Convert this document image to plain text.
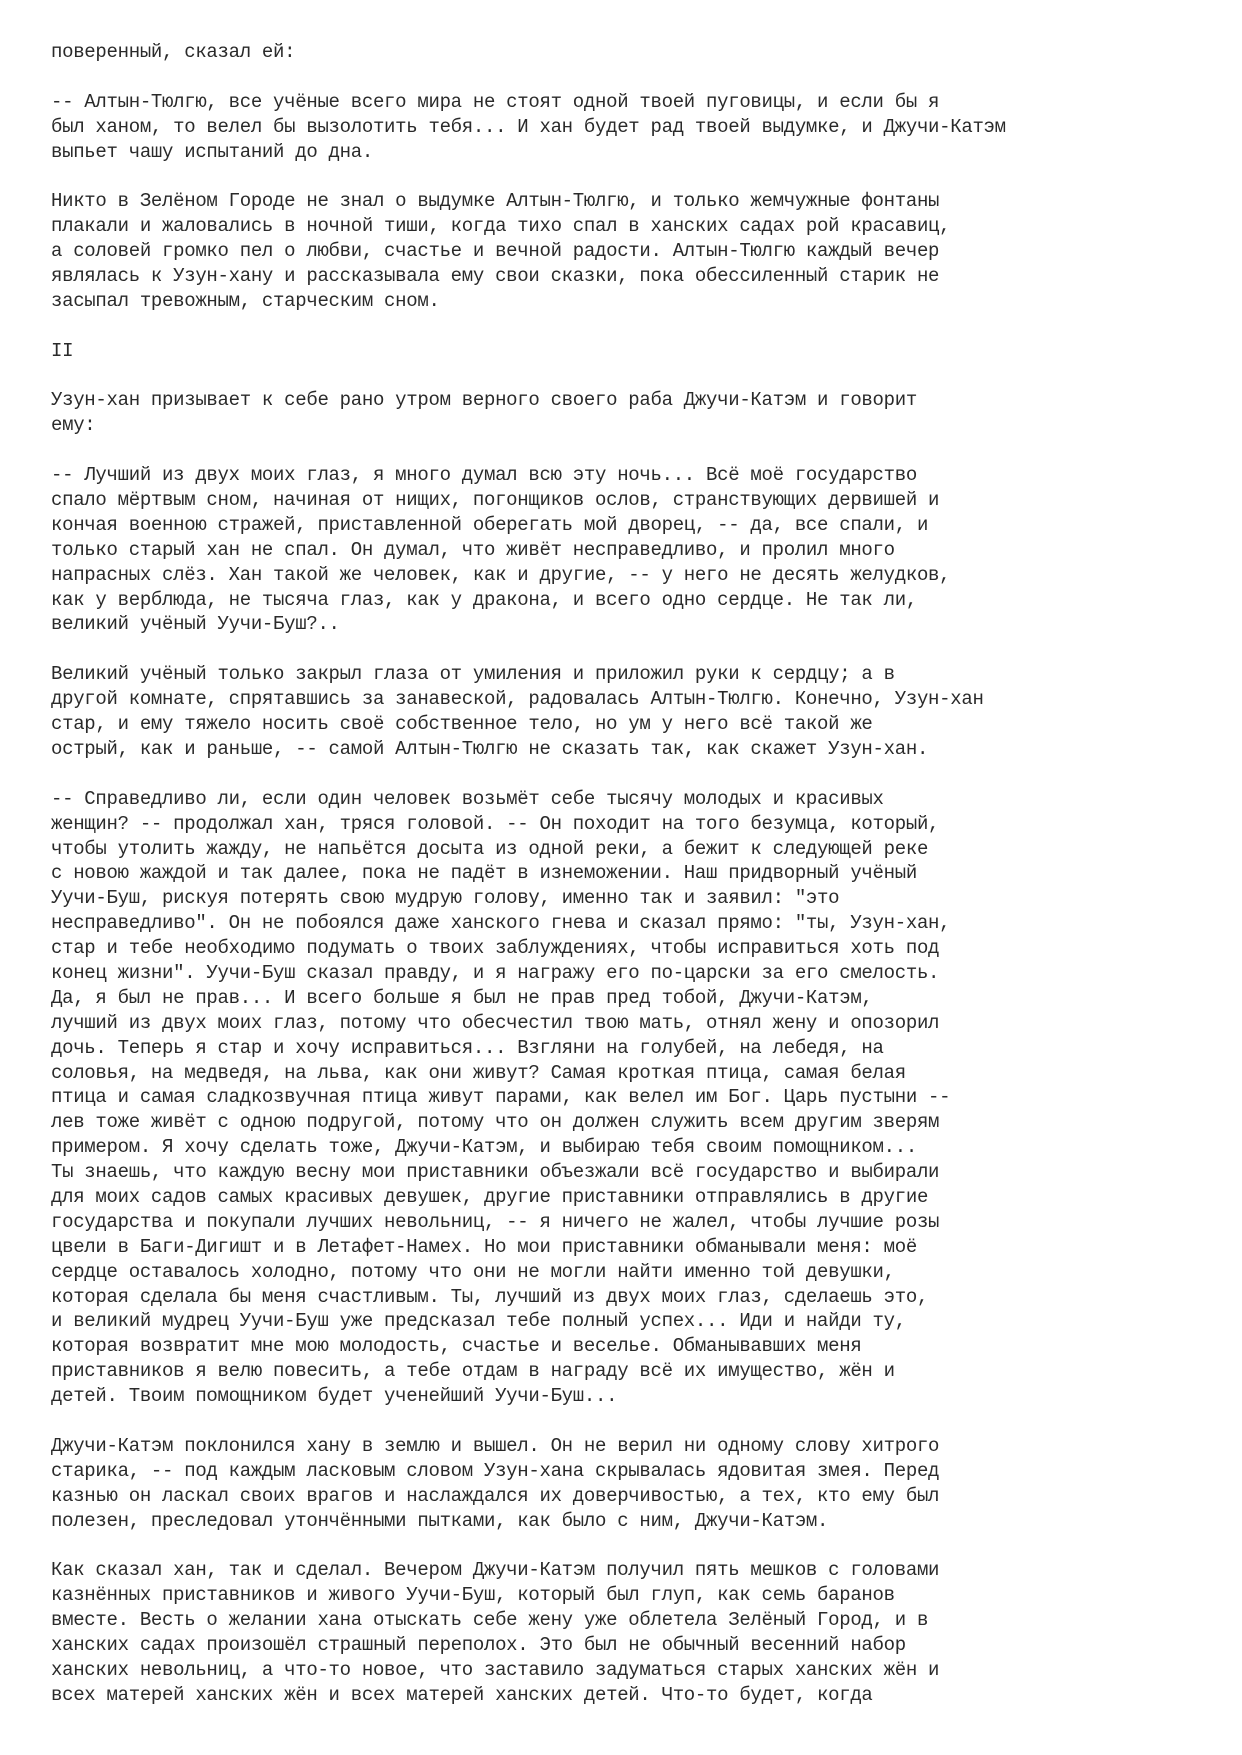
поверенный, сказал ей:
-- Алтын-Тюлгю, все учёные всего мира не стоят одной твоей пуговицы, и если бы я
был ханом, то велел бы вызолотить тебя... И хан будет рад твоей выдумке, и Джучи-Катэм
выпьет чашу испытаний до дна.
Никто в Зелёном Городе не знал о выдумке Алтын-Тюлгю, и только жемчужные фонтаны
плакали и жаловались в ночной тиши, когда тихо спал в ханских садах рой красавиц,
а соловей громко пел о любви, счастье и вечной радости. Алтын-Тюлгю каждый вечер
являлась к Узун-хану и рассказывала ему свои сказки, пока обессиленный старик не
засыпал тревожным, старческим сном.
II
Узун-хан призывает к себе рано утром верного своего раба Джучи-Катэм и говорит
ему:
-- Лучший из двух моих глаз, я много думал всю эту ночь... Всё моё государство
спало мёртвым сном, начиная от нищих, погонщиков ослов, странствующих дервишей и
кончая военною стражей, приставленной оберегать мой дворец, -- да, все спали, и
только старый хан не спал. Он думал, что живёт несправедливо, и пролил много
напрасных слёз. Хан такой же человек, как и другие, -- у него не десять желудков,
как у верблюда, не тысяча глаз, как у дракона, и всего одно сердце. Не так ли,
великий учёный Уучи-Буш?..
Великий учёный только закрыл глаза от умиления и приложил руки к сердцу; а в
другой комнате, спрятавшись за занавеской, радовалась Алтын-Тюлгю. Конечно, Узун-хан
стар, и ему тяжело носить своё собственное тело, но ум у него всё такой же
острый, как и раньше, -- самой Алтын-Тюлгю не сказать так, как скажет Узун-хан.
-- Справедливо ли, если один человек возьмёт себе тысячу молодых и красивых
женщин? -- продолжал хан, тряся головой. -- Он походит на того безумца, который,
чтобы утолить жажду, не напьётся досыта из одной реки, а бежит к следующей реке
с новою жаждой и так далее, пока не падёт в изнеможении. Наш придворный учёный
Уучи-Буш, рискуя потерять свою мудрую голову, именно так и заявил: "это
несправедливо". Он не побоялся даже ханского гнева и сказал прямо: "ты, Узун-хан,
стар и тебе необходимо подумать о твоих заблуждениях, чтобы исправиться хоть под
конец жизни". Уучи-Буш сказал правду, и я награжу его по-царски за его смелость.
Да, я был не прав... И всего больше я был не прав пред тобой, Джучи-Катэм,
лучший из двух моих глаз, потому что обесчестил твою мать, отнял жену и опозорил
дочь. Теперь я стар и хочу исправиться... Взгляни на голубей, на лебедя, на
соловья, на медведя, на льва, как они живут? Самая кроткая птица, самая белая
птица и самая сладкозвучная птица живут парами, как велел им Бог. Царь пустыни --
лев тоже живёт с одною подругой, потому что он должен служить всем другим зверям
примером. Я хочу сделать тоже, Джучи-Катэм, и выбираю тебя своим помощником...
Ты знаешь, что каждую весну мои приставники объезжали всё государство и выбирали
для моих садов самых красивых девушек, другие приставники отправлялись в другие
государства и покупали лучших невольниц, -- я ничего не жалел, чтобы лучшие розы
цвели в Баги-Дигишт и в Летафет-Намех. Но мои приставники обманывали меня: моё
сердце оставалось холодно, потому что они не могли найти именно той девушки,
которая сделала бы меня счастливым. Ты, лучший из двух моих глаз, сделаешь это,
и великий мудрец Уучи-Буш уже предсказал тебе полный успех... Иди и найди ту,
которая возвратит мне мою молодость, счастье и веселье. Обманывавших меня
приставников я велю повесить, а тебе отдам в награду всё их имущество, жён и
детей. Твоим помощником будет ученейший Уучи-Буш...
Джучи-Катэм поклонился хану в землю и вышел. Он не верил ни одному слову хитрого
старика, -- под каждым ласковым словом Узун-хана скрывалась ядовитая змея. Перед
казнью он ласкал своих врагов и наслаждался их доверчивостью, а тех, кто ему был
полезен, преследовал утончёнными пытками, как было с ним, Джучи-Катэм.
Как сказал хан, так и сделал. Вечером Джучи-Катэм получил пять мешков с головами
казнённых приставников и живого Уучи-Буш, который был глуп, как семь баранов
вместе. Весть о желании хана отыскать себе жену уже облетела Зелёный Город, и в
ханских садах произошёл страшный переполох. Это был не обычный весенний набор
ханских невольниц, а что-то новое, что заставило задуматься старых ханских жён и
всех матерей ханских жён и всех матерей ханских детей. Что-то будет, когда
